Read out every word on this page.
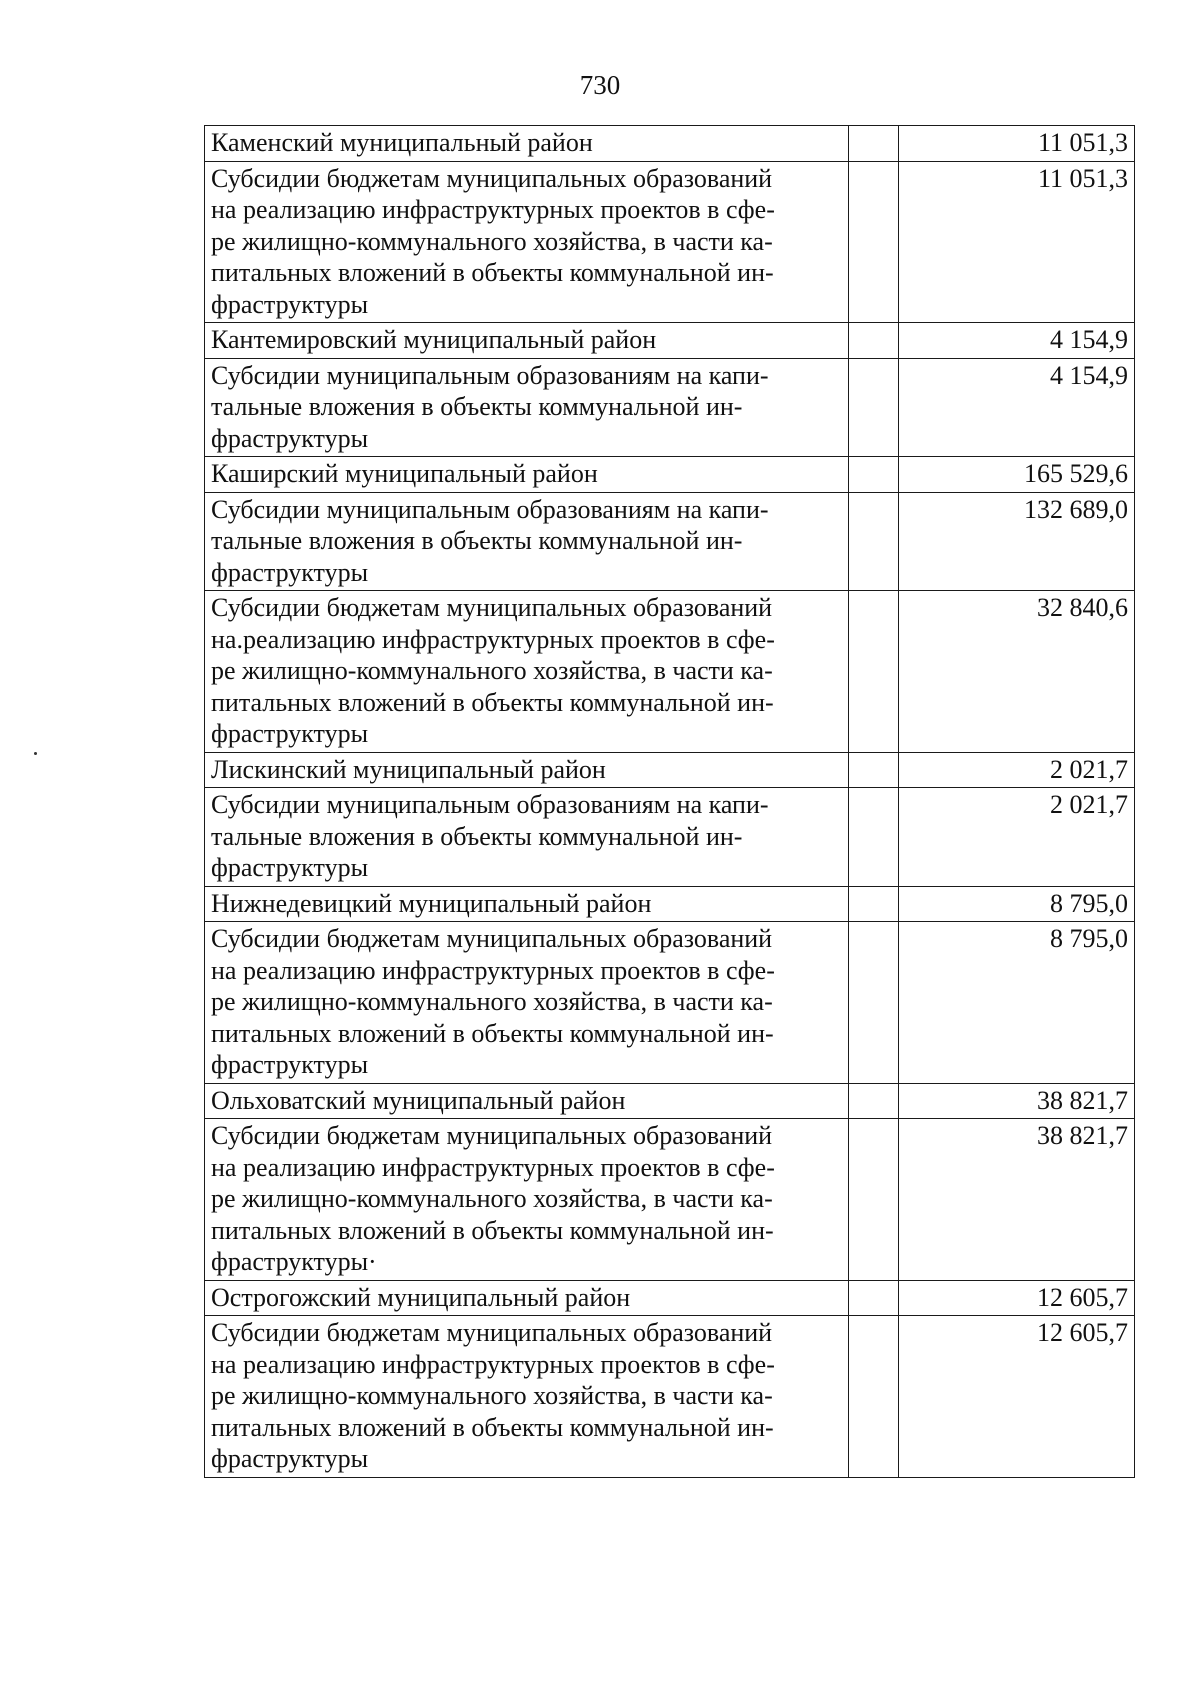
730
Каменский муниципальный район		11 051,3
Субсидии бюджетам муниципальных образований
на реализацию инфраструктурных проектов в сфе-
ре жилищно-коммунального хозяйства, в части ка-
питальных вложений в объекты коммунальной ин-
фраструктуры		11 051,3
Кантемировский муниципальный район		4 154,9
Субсидии муниципальным образованиям на капи-
тальные вложения в объекты коммунальной ин-
фраструктуры		4 154,9
Каширский муниципальный район		165 529,6
Субсидии муниципальным образованиям на капи-
тальные вложения в объекты коммунальной ин-
фраструктуры		132 689,0
Субсидии бюджетам муниципальных образований
на.реализацию инфраструктурных проектов в сфе-
ре жилищно-коммунального хозяйства, в части ка-
питальных вложений в объекты коммунальной ин-
фраструктуры		32 840,6
Лискинский муниципальный район		2 021,7
Субсидии муниципальным образованиям на капи-
тальные вложения в объекты коммунальной ин-
фраструктуры		2 021,7
Нижнедевицкий муниципальный район		8 795,0
Субсидии бюджетам муниципальных образований
на реализацию инфраструктурных проектов в сфе-
ре жилищно-коммунального хозяйства, в части ка-
питальных вложений в объекты коммунальной ин-
фраструктуры		8 795,0
Ольховатский муниципальный район		38 821,7
Субсидии бюджетам муниципальных образований
на реализацию инфраструктурных проектов в сфе-
ре жилищно-коммунального хозяйства, в части ка-
питальных вложений в объекты коммунальной ин-
фраструктуры·		38 821,7
Острогожский муниципальный район		12 605,7
Субсидии бюджетам муниципальных образований
на реализацию инфраструктурных проектов в сфе-
ре жилищно-коммунального хозяйства, в части ка-
питальных вложений в объекты коммунальной ин-
фраструктуры		12 605,7
